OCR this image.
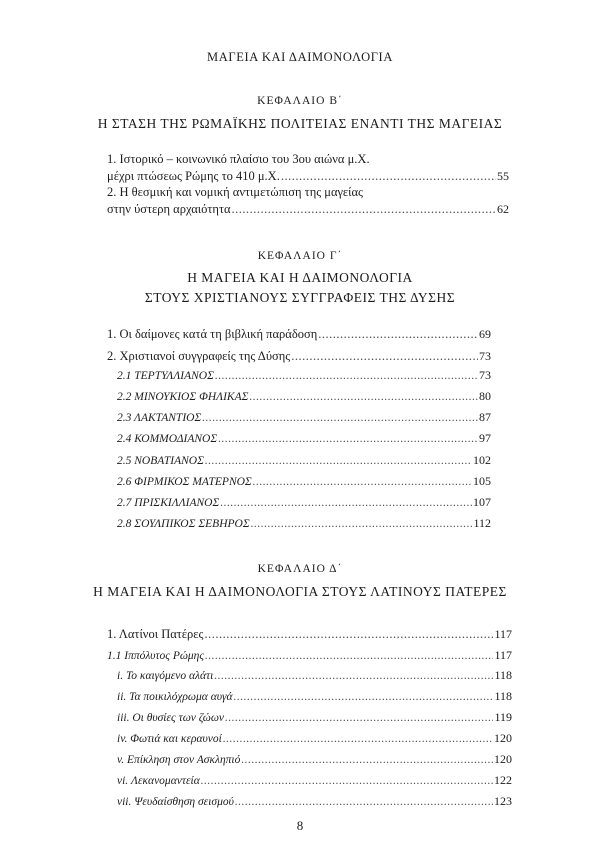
ΜΑΓΕΙΑ ΚΑΙ ΔΑΙΜΟΝΟΛΟΓΙΑ
ΚΕΦΑΛΑΙΟ Β΄
Η ΣΤΑΣΗ ΤΗΣ ΡΩΜΑΪΚΗΣ ΠΟΛΙΤΕΙΑΣ ΕΝΑΝΤΙ ΤΗΣ ΜΑΓΕΙΑΣ
1. Ιστορικό – κοινωνικό πλαίσιο του 3ου αιώνα μ.Χ.
μέχρι πτώσεως Ρώμης το 410 μ.Χ. .....	55
2. Η θεσμική και νομική αντιμετώπιση της μαγείας
στην ύστερη αρχαιότητα .....	62
ΚΕΦΑΛΑΙΟ Γ΄
Η ΜΑΓΕΙΑ ΚΑΙ Η ΔΑΙΜΟΝΟΛΟΓΙΑ
ΣΤΟΥΣ ΧΡΙΣΤΙΑΝΟΥΣ ΣΥΓΓΡΑΦΕΙΣ ΤΗΣ ΔΥΣΗΣ
1. Οι δαίμονες κατά τη βιβλική παράδοση .....	69
2. Χριστιανοί συγγραφείς της Δύσης .....	73
2.1 ΤΕΡΤΥΛΛΙΑΝΟΣ .....	73
2.2 ΜΙΝΟΥΚΙΟΣ ΦΗΛΙΚΑΣ .....	80
2.3 ΛΑΚΤΑΝΤΙΟΣ .....	87
2.4 ΚΟΜΜΟΔΙΑΝΟΣ .....	97
2.5 ΝΟΒΑΤΙΑΝΟΣ .....	102
2.6 ΦΙΡΜΙΚΟΣ ΜΑΤΕΡΝΟΣ .....	105
2.7 ΠΡΙΣΚΙΛΛΙΑΝΟΣ .....	107
2.8 ΣΟΥΛΠΙΚΟΣ ΣΕΒΗΡΟΣ .....	112
ΚΕΦΑΛΑΙΟ Δ΄
Η ΜΑΓΕΙΑ ΚΑΙ Η ΔΑΙΜΟΝΟΛΟΓΙΑ ΣΤΟΥΣ ΛΑΤΙΝΟΥΣ ΠΑΤΕΡΕΣ
1. Λατίνοι Πατέρες .....	117
1.1 Ιππόλυτος Ρώμης .....	117
i. Το καιγόμενο αλάτι .....	118
ii. Τα ποικιλόχρωμα αυγά .....	118
iii. Οι θυσίες των ζώων .....	119
iv. Φωτιά και κεραυνοί .....	120
v. Επίκληση στον Ασκληπιό .....	120
vi. Λεκανομαντεία .....	122
vii. Ψευδαίσθηση σεισμού .....	123
8
